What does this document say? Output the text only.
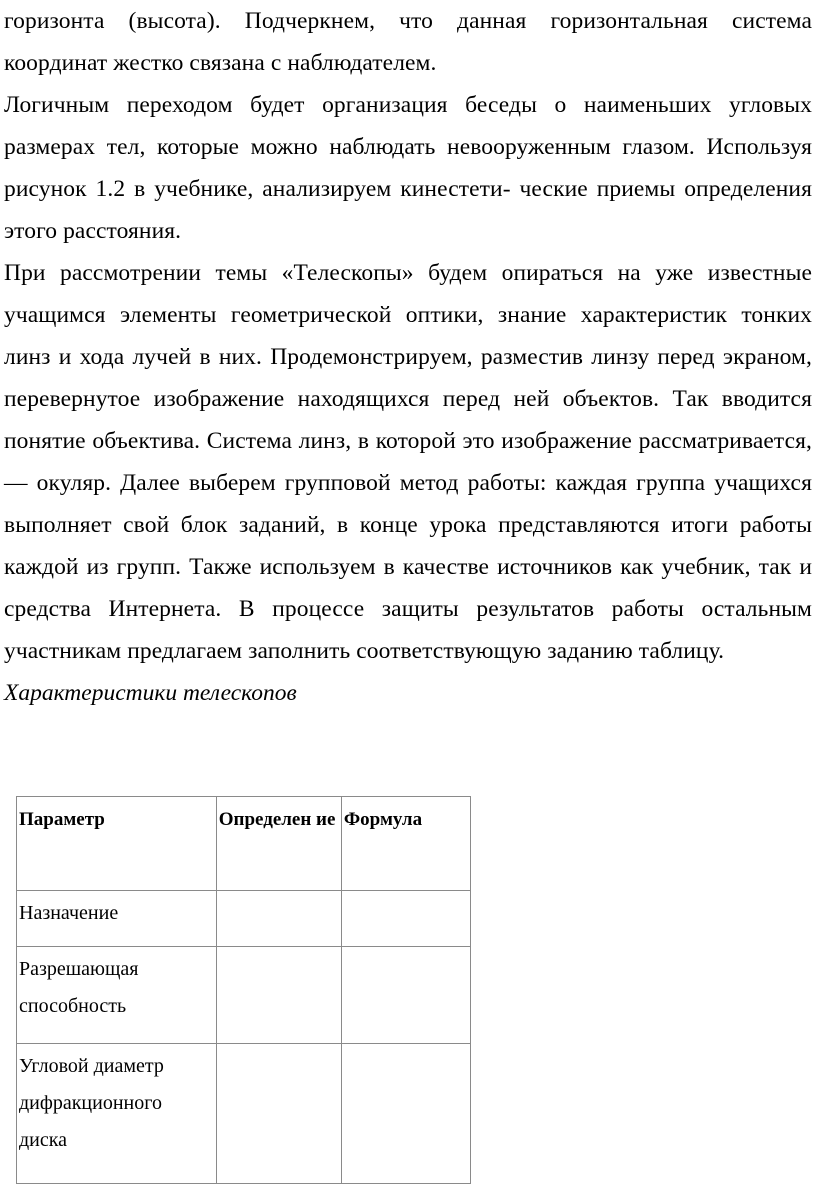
горизонта (высота). Подчеркнем, что данная горизонтальная система координат жестко связана с наблюдателем.

Логичным переходом будет организация беседы о наименьших угловых размерах тел, которые можно наблюдать невооруженным глазом. Используя рисунок 1.2 в учебнике, анализируем кинестети- ческие приемы определения этого расстояния.

При рассмотрении темы «Телескопы» будем опираться на уже известные учащимся элементы геометрической оптики, знание характеристик тонких линз и хода лучей в них. Продемонстрируем, разместив линзу перед экраном, перевернутое изображение находящихся перед ней объектов. Так вводится понятие объектива. Система линз, в которой это изображение рассматривается, — окуляр. Далее выберем групповой метод работы: каждая группа учащихся выполняет свой блок заданий, в конце урока представляются итоги работы каждой из групп. Также используем в качестве источников как учебник, так и средства Интернета. В процессе защиты результатов работы остальным участникам предлагаем заполнить соответствующую заданию таблицу.

Характеристики телескопов

Параметр	Определен ие	Формула
Назначение		
Разрешающая способность		
Угловой диаметр дифракционного диска		
